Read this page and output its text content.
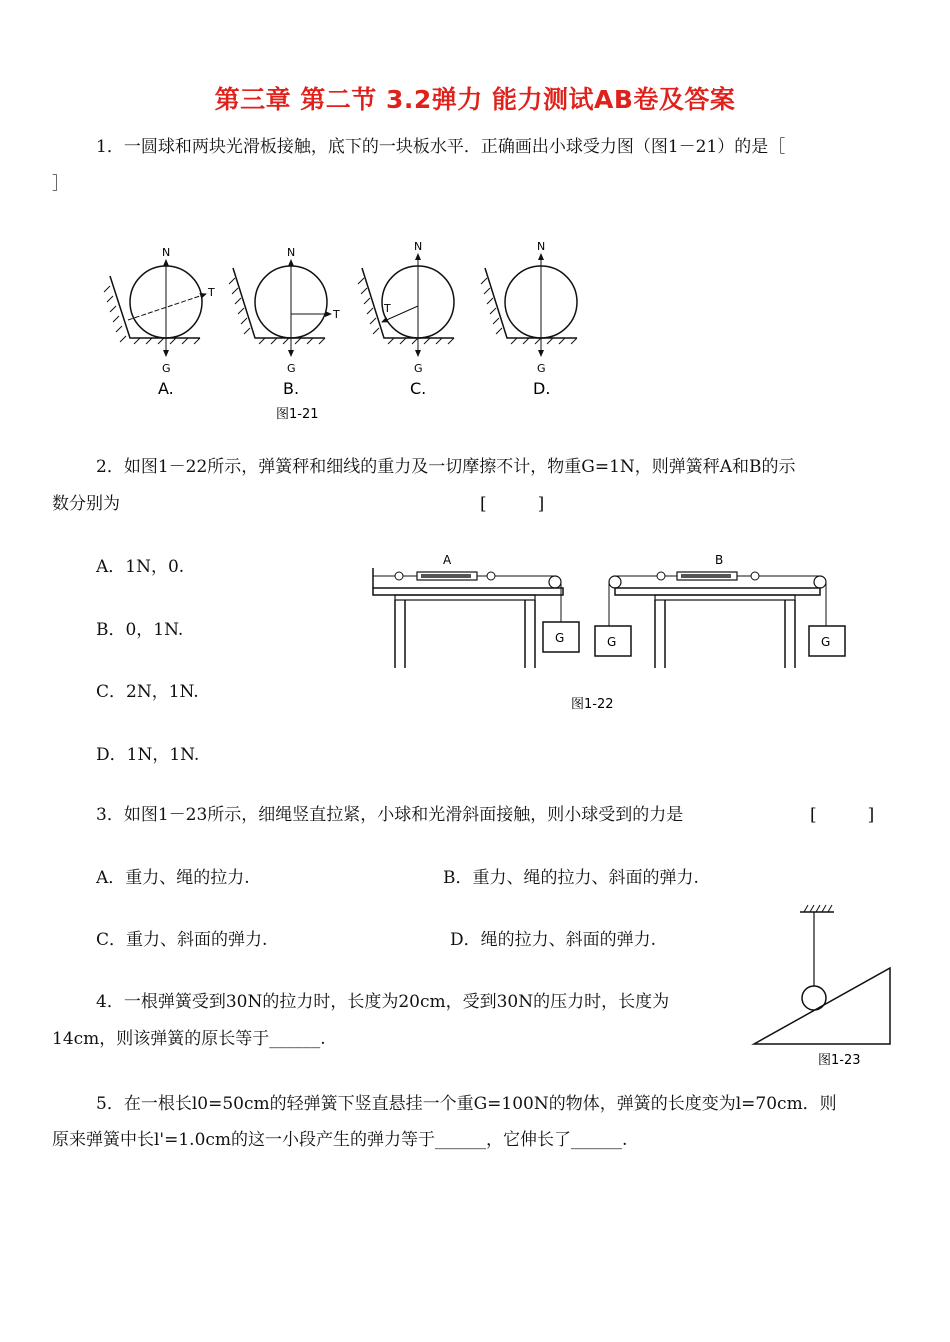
第三章 第二节 3.2弹力 能力测试AB卷及答案
1．一圆球和两块光滑板接触，底下的一块板水平．正确画出小球受力图（图1－21）的是［
］
N
T
G
A.
N
T
G
B.
N
T
G
C.
N
G
D.
图1-21
2．如图1－22所示，弹簧秤和细线的重力及一切摩擦不计，物重G=1N，则弹簧秤A和B的示
数分别为	[　　　]
A．1N，0.
B．0，1N.
C．2N，1N.
D．1N，1N.
G
A
G	G
B
图1-22
3．如图1－23所示，细绳竖直拉紧，小球和光滑斜面接触，则小球受到的力是	[　　　]
A．重力、绳的拉力.	B．重力、绳的拉力、斜面的弹力.
C．重力、斜面的弹力.	D．绳的拉力、斜面的弹力.
图1-23
4．一根弹簧受到30N的拉力时，长度为20cm，受到30N的压力时，长度为
14cm，则该弹簧的原长等于______.
5．在一根长l0=50cm的轻弹簧下竖直悬挂一个重G=100N的物体，弹簧的长度变为l=70cm．则
原来弹簧中长l'=1.0cm的这一小段产生的弹力等于______，它伸长了______.
